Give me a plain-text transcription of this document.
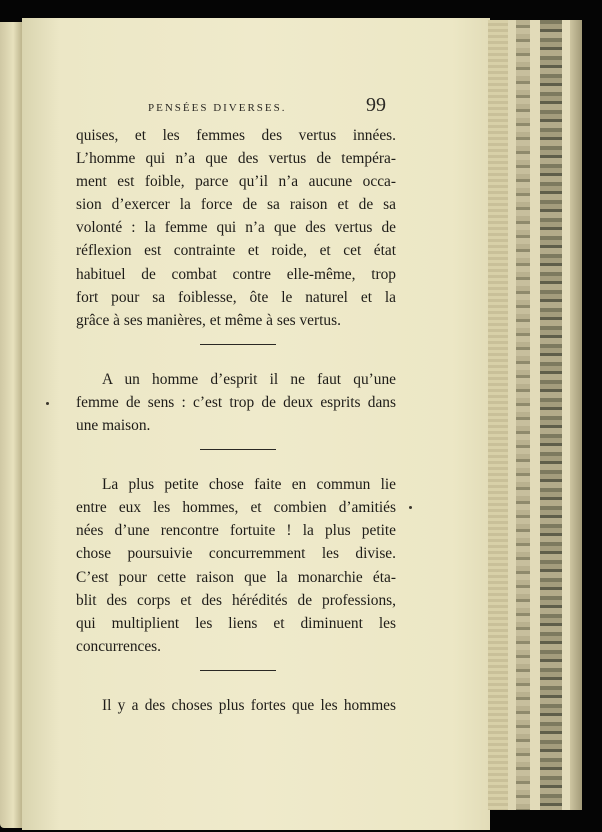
PENSÉES DIVERSES.	99

quises, et les femmes des vertus innées.

L’homme qui n’a que des vertus de tempéra-

ment est foible, parce qu’il n’a aucune occa-

sion d’exercer la force de sa raison et de sa

volonté : la femme qui n’a que des vertus de

réflexion est contrainte et roide, et cet état

habituel de combat contre elle-même, trop

fort pour sa foiblesse, ôte le naturel et la

grâce à ses manières, et même à ses vertus.

A un homme d’esprit il ne faut qu’une

femme de sens : c’est trop de deux esprits dans

une maison.

La plus petite chose faite en commun lie

entre eux les hommes, et combien d’amitiés

nées d’une rencontre fortuite ! la plus petite

chose poursuivie concurremment les divise.

C’est pour cette raison que la monarchie éta-

blit des corps et des hérédités de professions,

qui multiplient les liens et diminuent les

concurrences.

Il y a des choses plus fortes que les hommes
